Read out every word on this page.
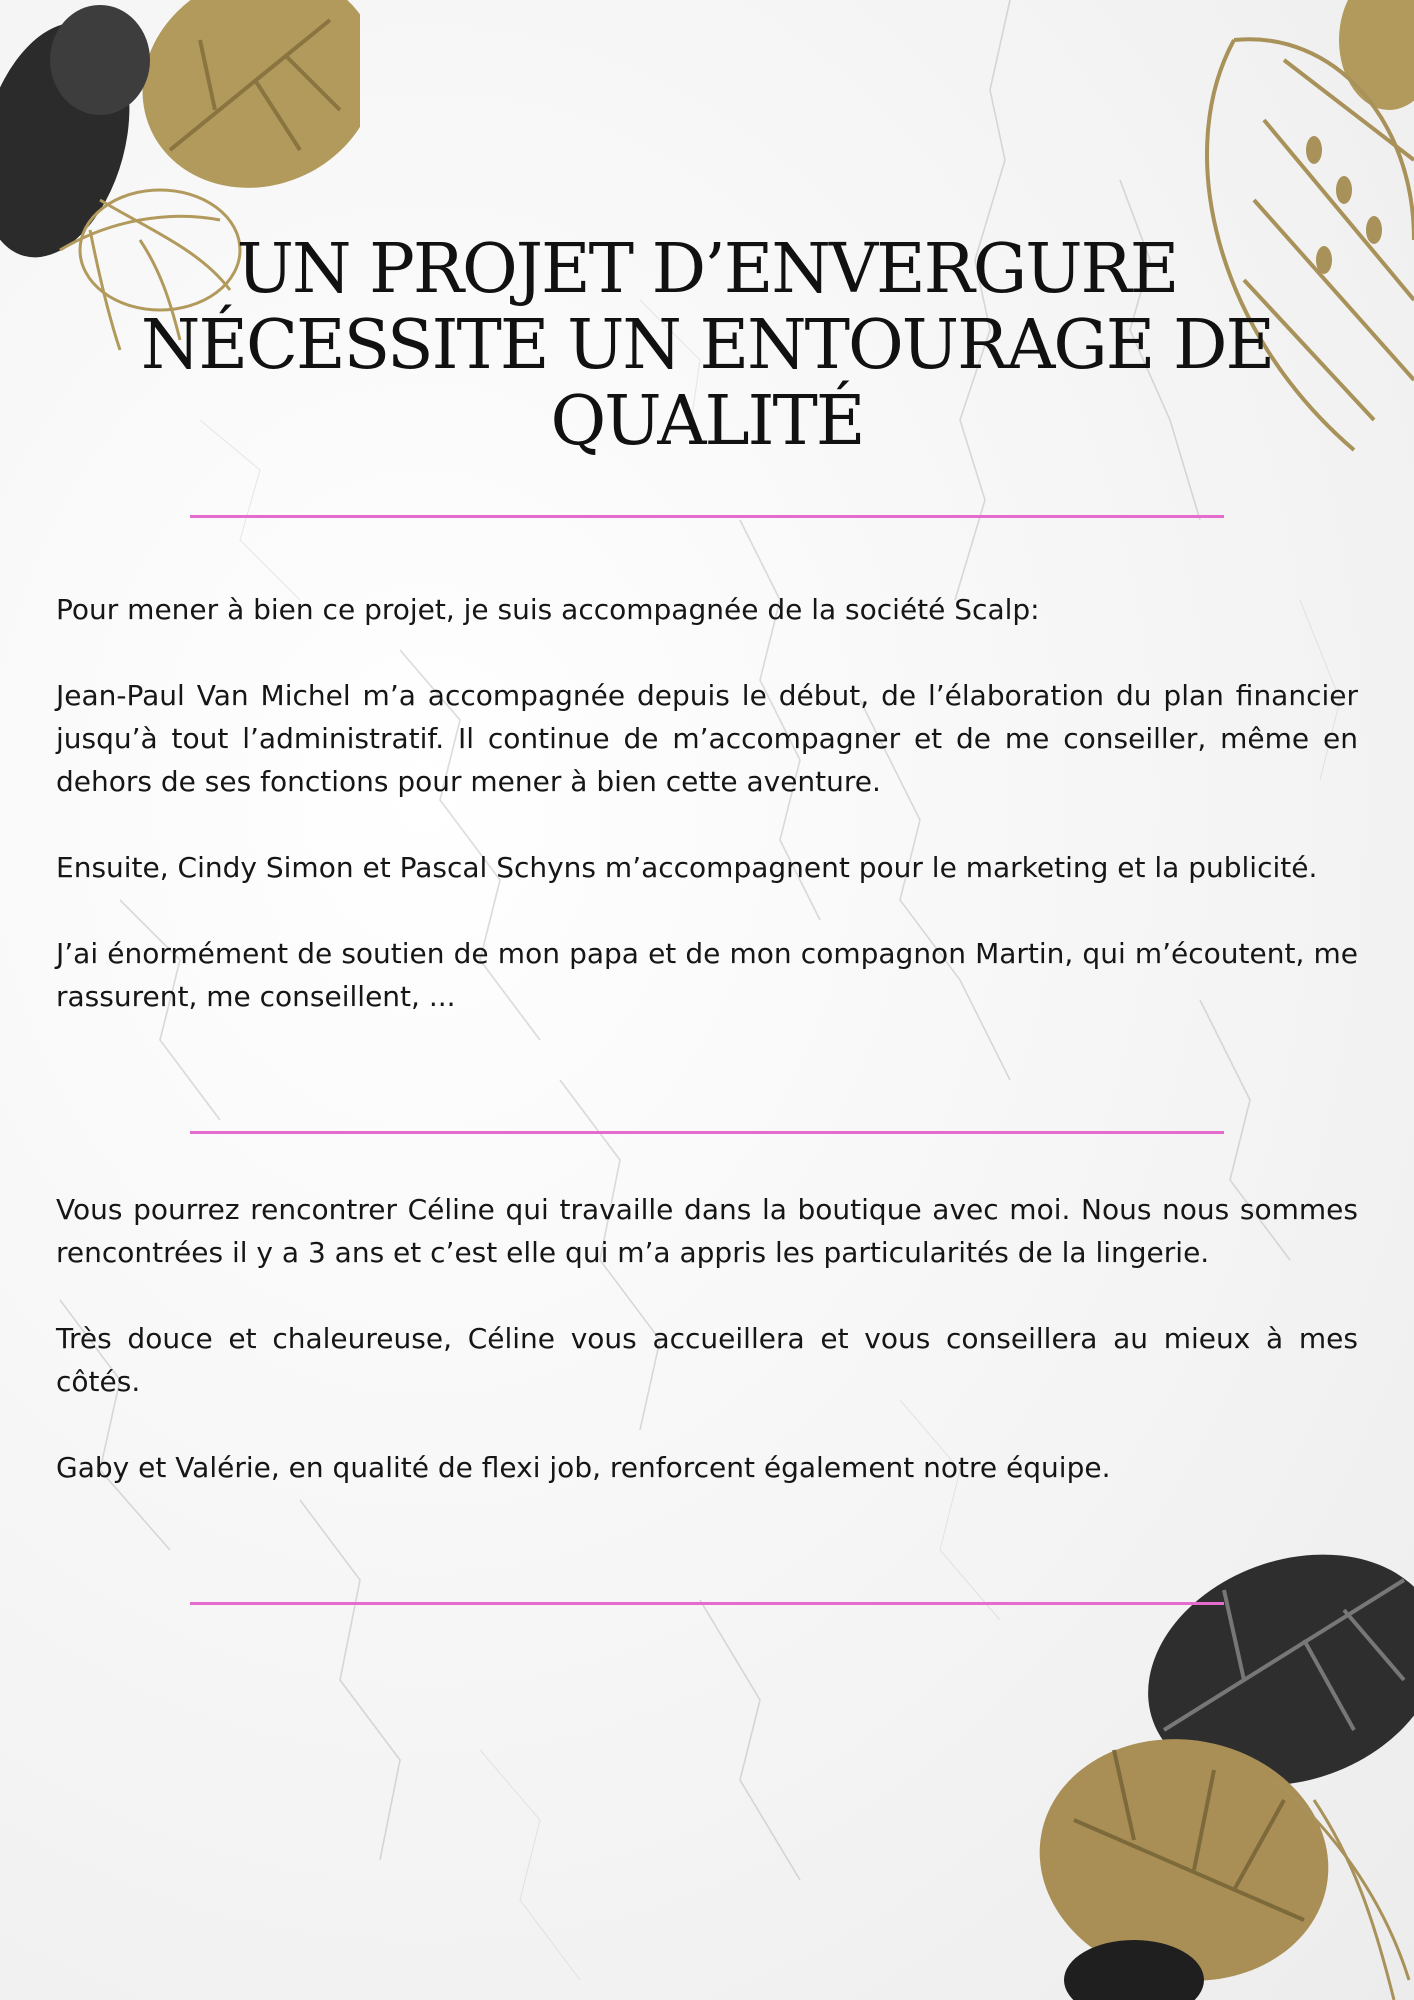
UN PROJET D’ENVERGURE
NÉCESSITE UN ENTOURAGE DE
QUALITÉ

Pour mener à bien ce projet, je suis accompagnée de la société Scalp:

Jean-Paul Van Michel m’a accompagnée depuis le début, de l’élaboration du plan financier jusqu’à tout l’administratif. Il continue de m’accompagner et de me conseiller, même en dehors de ses fonctions pour mener à bien cette aventure.

Ensuite, Cindy Simon et Pascal Schyns m’accompagnent pour le marketing et la publicité.

J’ai énormément de soutien de mon papa et de mon compagnon Martin, qui m’écoutent, me rassurent, me conseillent, ...

Vous pourrez rencontrer Céline qui travaille dans la boutique avec moi. Nous nous sommes rencontrées il y a 3 ans et c’est elle qui m’a appris les particularités de la lingerie.

Très douce et chaleureuse, Céline vous accueillera et vous conseillera au mieux à mes côtés.

Gaby et Valérie, en qualité de flexi job, renforcent également notre équipe.
